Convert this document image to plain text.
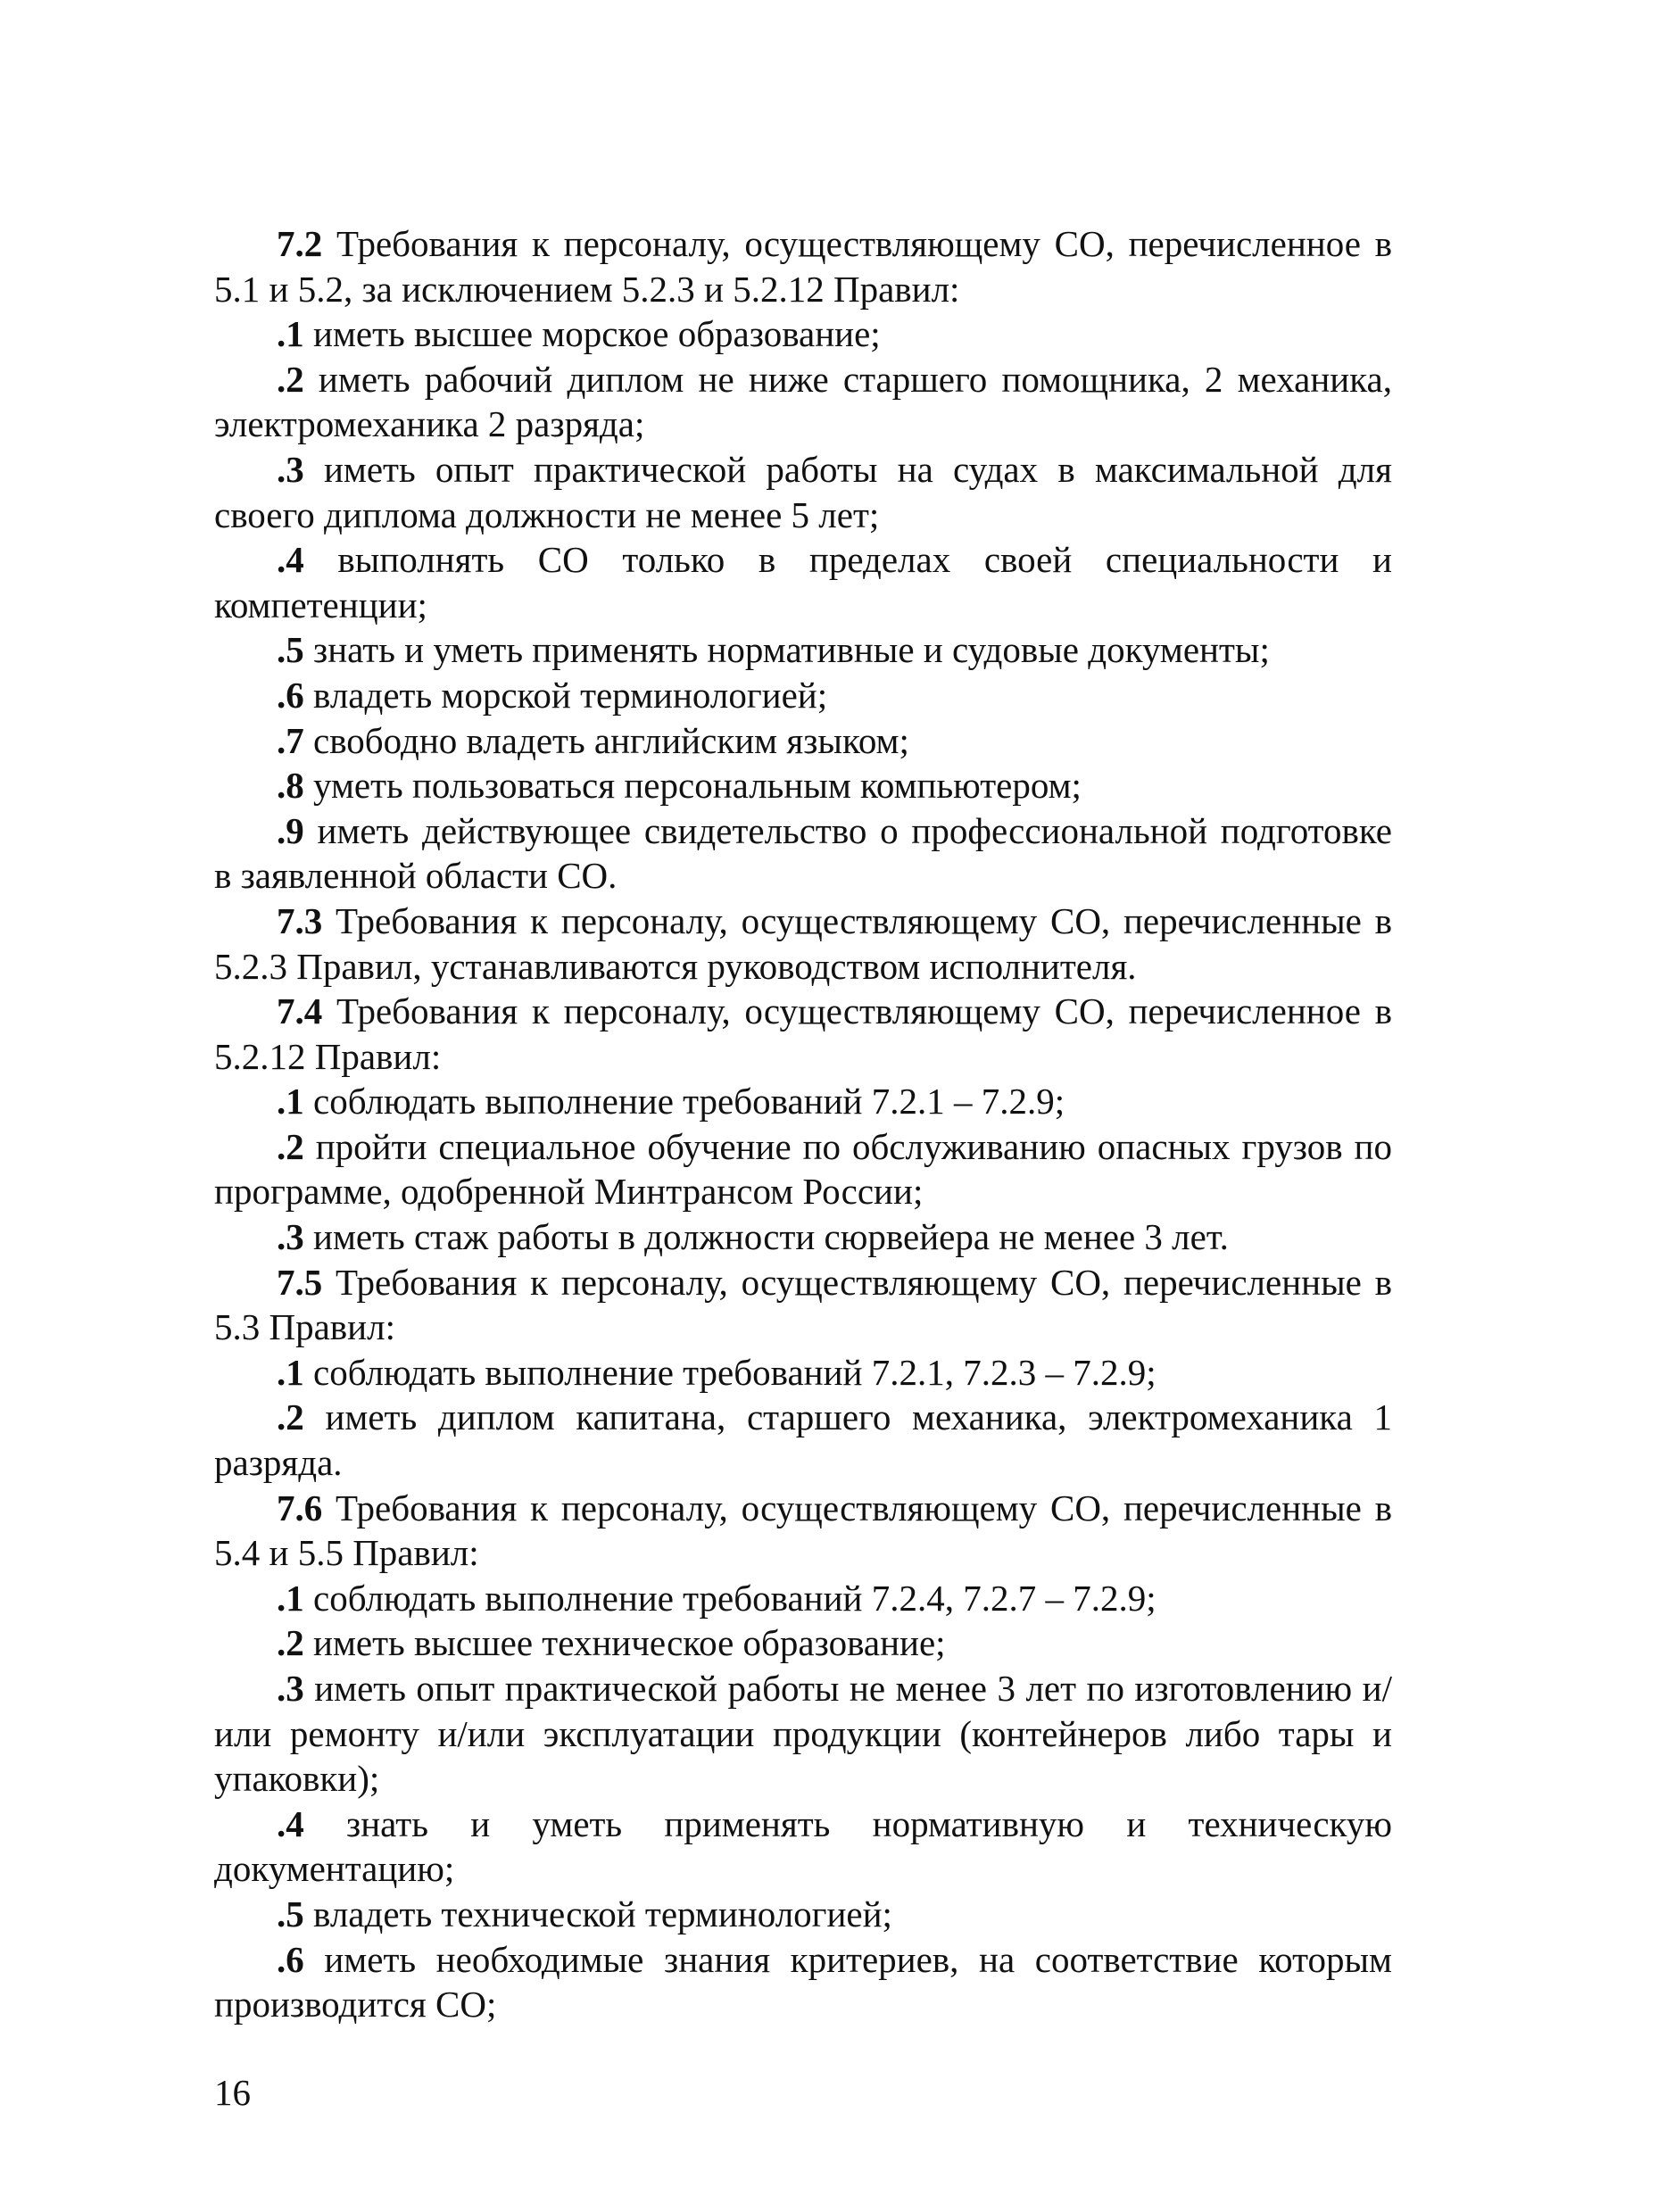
7.2 Требования к персоналу, осуществляющему СО, перечисленное в 5.1 и 5.2, за исключением 5.2.3 и 5.2.12 Правил:

.1 иметь высшее морское образование;

.2 иметь рабочий диплом не ниже старшего помощника, 2 механика, электромеханика 2 разряда;

.3 иметь опыт практической работы на судах в максимальной для своего диплома должности не менее 5 лет;

.4 выполнять СО только в пределах своей специальности и компетенции;

.5 знать и уметь применять нормативные и судовые документы;

.6 владеть морской терминологией;

.7 свободно владеть английским языком;

.8 уметь пользоваться персональным компьютером;

.9 иметь действующее свидетельство о профессиональной подготовке в заявленной области СО.

7.3 Требования к персоналу, осуществляющему СО, перечисленные в 5.2.3 Правил, устанавливаются руководством исполнителя.

7.4 Требования к персоналу, осуществляющему СО, перечисленное в 5.2.12 Правил:

.1 соблюдать выполнение требований 7.2.1 – 7.2.9;

.2 пройти специальное обучение по обслуживанию опасных грузов по программе, одобренной Минтрансом России;

.3 иметь стаж работы в должности сюрвейера не менее 3 лет.

7.5 Требования к персоналу, осуществляющему СО, перечисленные в 5.3 Правил:

.1 соблюдать выполнение требований 7.2.1, 7.2.3 – 7.2.9;

.2 иметь диплом капитана, старшего механика, электромеханика 1 разряда.

7.6 Требования к персоналу, осуществляющему СО, перечисленные в 5.4 и 5.5 Правил:

.1 соблюдать выполнение требований 7.2.4, 7.2.7 – 7.2.9;

.2 иметь высшее техническое образование;

.3 иметь опыт практической работы не менее 3 лет по изготовлению и/или ремонту и/или эксплуатации продукции (контейнеров либо тары и упаковки);

.4 знать и уметь применять нормативную и техническую документацию;

.5 владеть технической терминологией;

.6 иметь необходимые знания критериев, на соответствие которым производится СО;

16
